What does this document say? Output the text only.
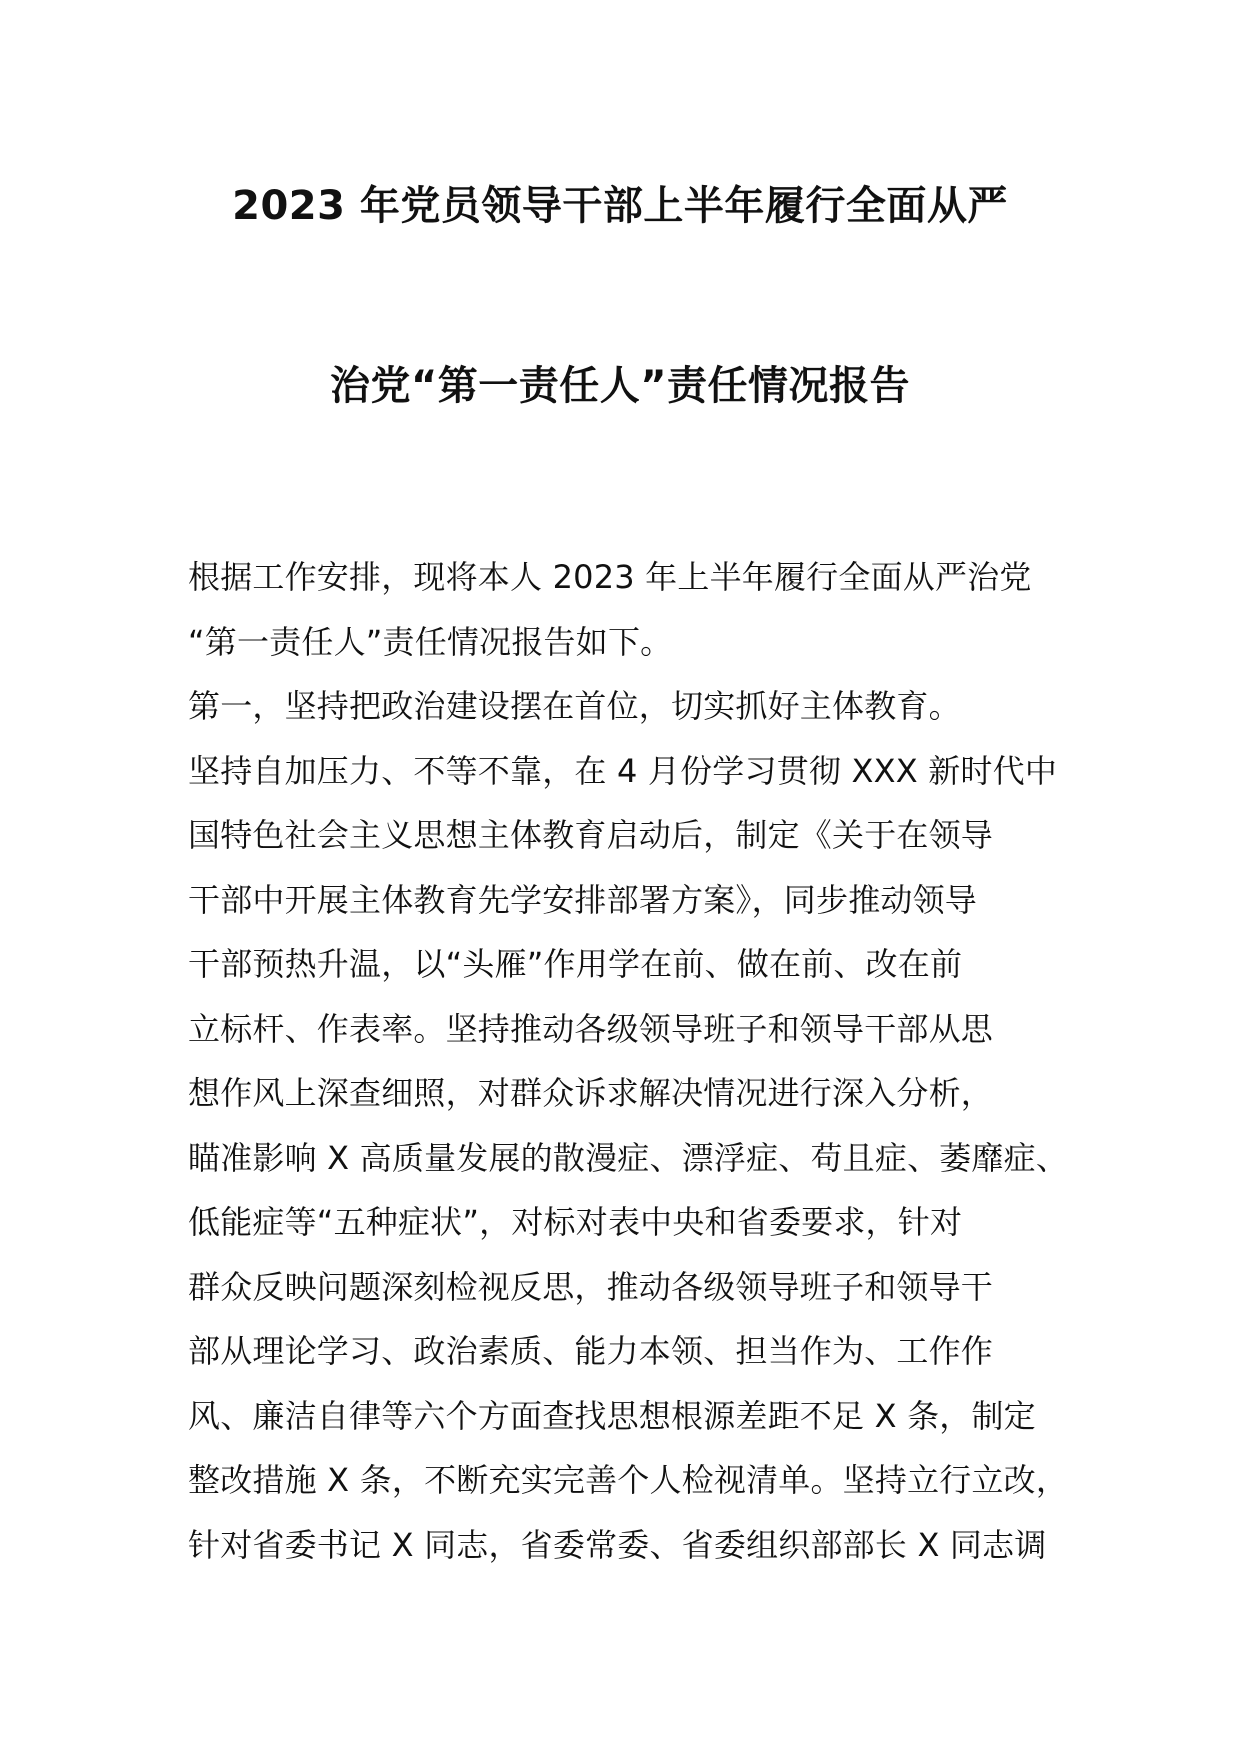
2023 年党员领导干部上半年履行全面从严
治党“第一责任人”责任情况报告
根据工作安排，现将本人 2023 年上半年履行全面从严治党
“第一责任人”责任情况报告如下。
第一，坚持把政治建设摆在首位，切实抓好主体教育。
坚持自加压力、不等不靠，在 4 月份学习贯彻 XXX 新时代中
国特色社会主义思想主体教育启动后，制定《关于在领导
干部中开展主体教育先学安排部署方案》，同步推动领导
干部预热升温，以“头雁”作用学在前、做在前、改在前
立标杆、作表率。坚持推动各级领导班子和领导干部从思
想作风上深查细照，对群众诉求解决情况进行深入分析，
瞄准影响 X 高质量发展的散漫症、漂浮症、苟且症、萎靡症、
低能症等“五种症状”，对标对表中央和省委要求，针对
群众反映问题深刻检视反思，推动各级领导班子和领导干
部从理论学习、政治素质、能力本领、担当作为、工作作
风、廉洁自律等六个方面查找思想根源差距不足 X 条，制定
整改措施 X 条，不断充实完善个人检视清单。坚持立行立改，
针对省委书记 X 同志，省委常委、省委组织部部长 X 同志调
